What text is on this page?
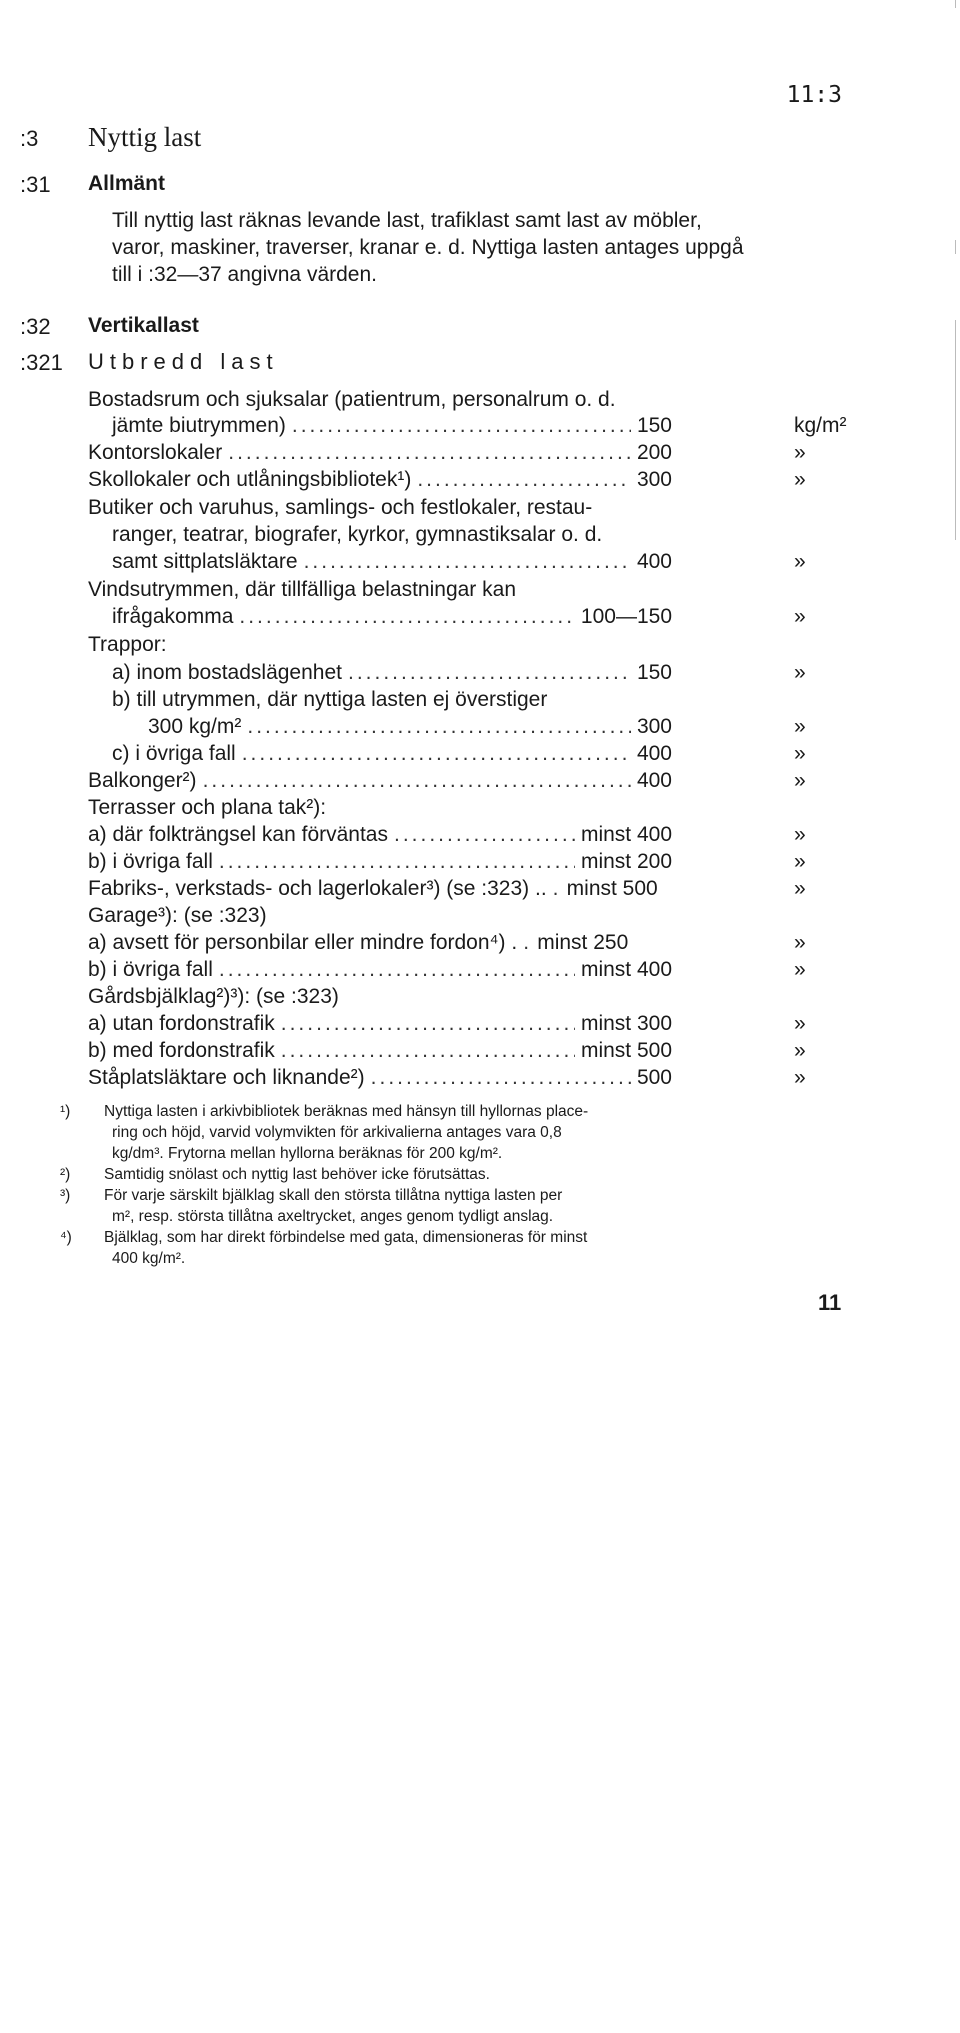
11:3
:3 Nyttig last
:31 Allmänt
Till nyttig last räknas levande last, trafiklast samt last av möbler,
varor, maskiner, traverser, kranar e. d. Nyttiga lasten antages uppgå
till i :32—37 angivna värden.
:32 Vertikallast
:321 Utbredd last
Bostadsrum och sjuksalar (patientrum, personalrum o. d.
jämte biutrymmen) .....	150	kg/m²
Kontorslokaler .....	200	»
Skollokaler och utlåningsbibliotek¹) .....	300	»
Butiker och varuhus, samlings- och festlokaler, restau-
ranger, teatrar, biografer, kyrkor, gymnastiksalar o. d.
samt sittplatsläktare .....	400	»
Vindsutrymmen, där tillfälliga belastningar kan
ifrågakomma .....	100—150	»
Trappor:
a) inom bostadslägenhet .....	150	»
b) till utrymmen, där nyttiga lasten ej överstiger
300 kg/m² .....	300	»
c) i övriga fall .....	400	»
Balkonger²) .....	400	»
Terrasser och plana tak²):
a) där folkträngsel kan förväntas .....	minst 400	»
b) i övriga fall .....	minst 200	»
Fabriks-, verkstads- och lagerlokaler³) (se :323) .. ..... minst 500	»
Garage³): (se :323)
a) avsett för personbilar eller mindre fordon⁴) . ..... minst 250	»
b) i övriga fall .....	minst 400	»
Gårdsbjälklag²)³): (se :323)
a) utan fordonstrafik .....	minst 300	»
b) med fordonstrafik .....	minst 500	»
Ståplatsläktare och liknande²) .....	500	»
¹) Nyttiga lasten i arkivbibliotek beräknas med hänsyn till hyllornas place-
ring och höjd, varvid volymvikten för arkivalierna antages vara 0,8
kg/dm³. Frytorna mellan hyllorna beräknas för 200 kg/m².
²) Samtidig snölast och nyttig last behöver icke förutsättas.
³) För varje särskilt bjälklag skall den största tillåtna nyttiga lasten per
m², resp. största tillåtna axeltrycket, anges genom tydligt anslag.
⁴) Bjälklag, som har direkt förbindelse med gata, dimensioneras för minst
400 kg/m².
11
